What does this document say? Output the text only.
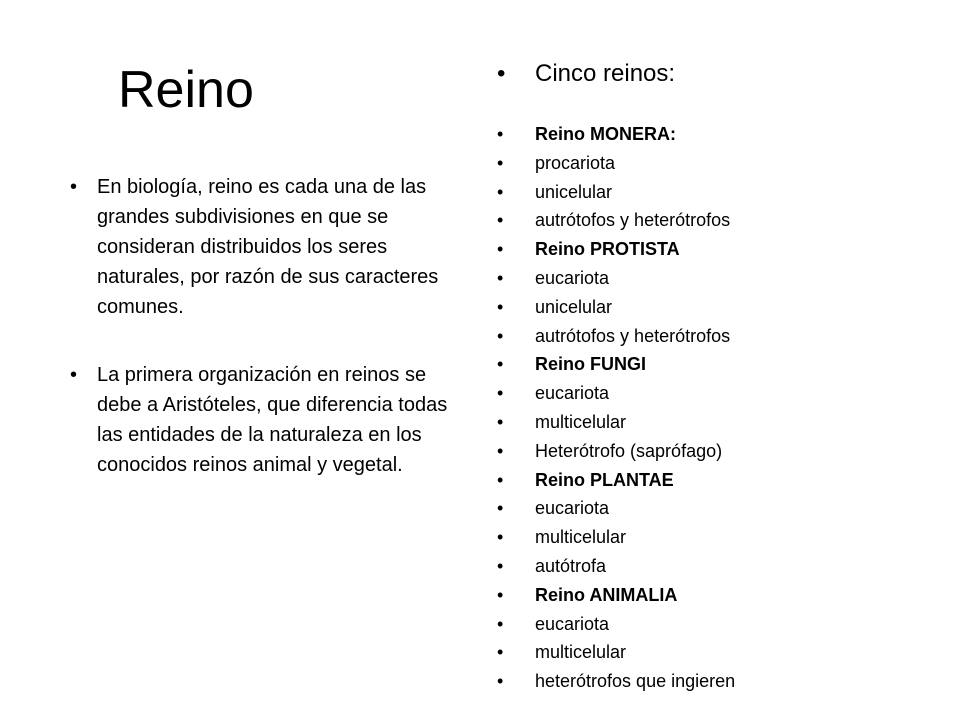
Reino
• En biología, reino es cada una de las grandes subdivisiones en que se consideran distribuidos los seres naturales, por razón de sus caracteres comunes.
• La primera organización en reinos se debe a Aristóteles, que diferencia todas las entidades de la naturaleza en los conocidos reinos animal y vegetal.
• Cinco reinos:
• Reino MONERA:
• procariota
• unicelular
• autrótofos y heterótrofos
• Reino PROTISTA
• eucariota
• unicelular
• autrótofos y heterótrofos
• Reino FUNGI
• eucariota
• multicelular
• Heterótrofo (saprófago)
• Reino PLANTAE
• eucariota
• multicelular
• autótrofa
• Reino ANIMALIA
• eucariota
• multicelular
• heterótrofos que ingieren
